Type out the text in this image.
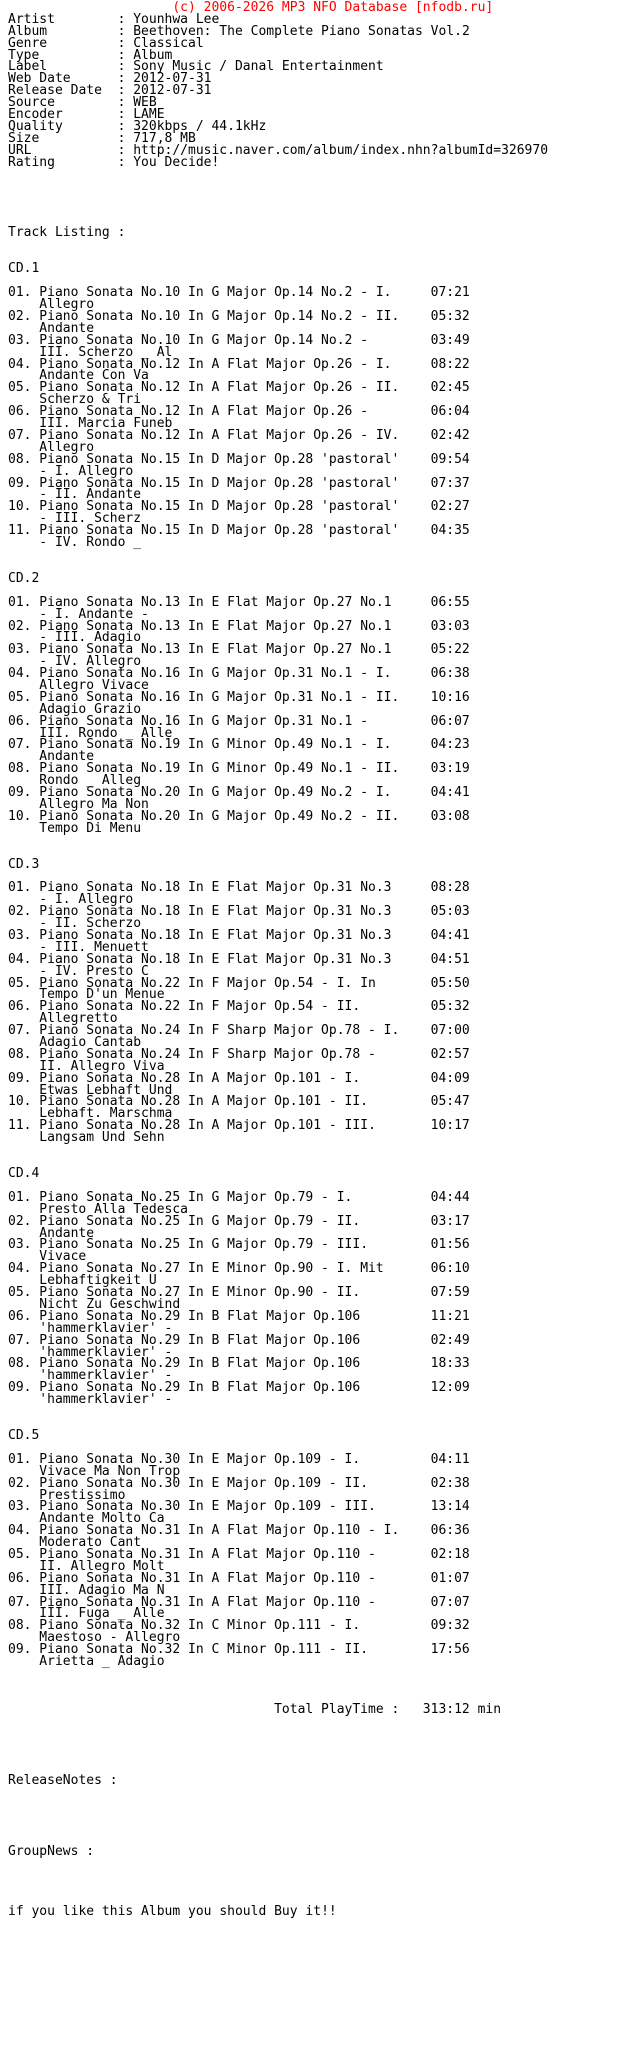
(c) 2006-2026 MP3 NFO Database [nfodb.ru]
Artist	: Younhwa Lee
Album	: Beethoven: The Complete Piano Sonatas Vol.2
Genre	: Classical
Type	: Album
Label	: Sony Music / Danal Entertainment
Web Date	: 2012-07-31
Release Date : 2012-07-31
Source	: WEB
Encoder	: LAME
Quality	: 320kbps / 44.1kHz
Size	: 717,8 MB
URL	: http://music.naver.com/album/index.nhn?albumId=326970
Rating	: You Decide!
Track Listing :
CD.1
01. Piano Sonata No.10 In G Major Op.14 No.2 - I.	07:21
Allegro
02. Piano Sonata No.10 In G Major Op.14 No.2 - II. 05:32
Andante
03. Piano Sonata No.10 In G Major Op.14 No.2 -	03:49
III. Scherzo _ Al
04. Piano Sonata No.12 In A Flat Major Op.26 - I.	08:22
Andante Con Va
05. Piano Sonata No.12 In A Flat Major Op.26 - II. 02:45
Scherzo & Tri
06. Piano Sonata No.12 In A Flat Major Op.26 -	06:04
III. Marcia Funeb
07. Piano Sonata No.12 In A Flat Major Op.26 - IV. 02:42
Allegro
08. Piano Sonata No.15 In D Major Op.28 'pastoral' 09:54
- I. Allegro
09. Piano Sonata No.15 In D Major Op.28 'pastoral' 07:37
- II. Andante
10. Piano Sonata No.15 In D Major Op.28 'pastoral' 02:27
- III. Scherz
11. Piano Sonata No.15 In D Major Op.28 'pastoral' 04:35
- IV. Rondo _
CD.2
01. Piano Sonata No.13 In E Flat Major Op.27 No.1	06:55
- I. Andante -
02. Piano Sonata No.13 In E Flat Major Op.27 No.1	03:03
- III. Adagio
03. Piano Sonata No.13 In E Flat Major Op.27 No.1	05:22
- IV. Allegro
04. Piano Sonata No.16 In G Major Op.31 No.1 - I.	06:38
Allegro Vivace
05. Piano Sonata No.16 In G Major Op.31 No.1 - II. 10:16
Adagio Grazio
06. Piano Sonata No.16 In G Major Op.31 No.1 -	06:07
III. Rondo _ Alle
07. Piano Sonata No.19 In G Minor Op.49 No.1 - I.	04:23
Andante
08. Piano Sonata No.19 In G Minor Op.49 No.1 - II. 03:19
Rondo _ Alleg
09. Piano Sonata No.20 In G Major Op.49 No.2 - I.	04:41
Allegro Ma Non
10. Piano Sonata No.20 In G Major Op.49 No.2 - II. 03:08
Tempo Di Menu
CD.3
01. Piano Sonata No.18 In E Flat Major Op.31 No.3	08:28
- I. Allegro
02. Piano Sonata No.18 In E Flat Major Op.31 No.3	05:03
- II. Scherzo
03. Piano Sonata No.18 In E Flat Major Op.31 No.3	04:41
- III. Menuett
04. Piano Sonata No.18 In E Flat Major Op.31 No.3	04:51
- IV. Presto C
05. Piano Sonata No.22 In F Major Op.54 - I. In	05:50
Tempo D'un Menue
06. Piano Sonata No.22 In F Major Op.54 - II.	05:32
Allegretto
07. Piano Sonata No.24 In F Sharp Major Op.78 - I. 07:00
Adagio Cantab
08. Piano Sonata No.24 In F Sharp Major Op.78 -	02:57
II. Allegro Viva
09. Piano Sonata No.28 In A Major Op.101 - I.	04:09
Etwas Lebhaft Und
10. Piano Sonata No.28 In A Major Op.101 - II.	05:47
Lebhaft. Marschma
11. Piano Sonata No.28 In A Major Op.101 - III.	10:17
Langsam Und Sehn
CD.4
01. Piano Sonata No.25 In G Major Op.79 - I.	04:44
Presto Alla Tedesca
02. Piano Sonata No.25 In G Major Op.79 - II.	03:17
Andante
03. Piano Sonata No.25 In G Major Op.79 - III.	01:56
Vivace
04. Piano Sonata No.27 In E Minor Op.90 - I. Mit	06:10
Lebhaftigkeit U
05. Piano Sonata No.27 In E Minor Op.90 - II.	07:59
Nicht Zu Geschwind
06. Piano Sonata No.29 In B Flat Major Op.106	11:21
'hammerklavier' -
07. Piano Sonata No.29 In B Flat Major Op.106	02:49
'hammerklavier' -
08. Piano Sonata No.29 In B Flat Major Op.106	18:33
'hammerklavier' -
09. Piano Sonata No.29 In B Flat Major Op.106	12:09
'hammerklavier' -
CD.5
01. Piano Sonata No.30 In E Major Op.109 - I.	04:11
Vivace Ma Non Trop
02. Piano Sonata No.30 In E Major Op.109 - II.	02:38
Prestissimo
03. Piano Sonata No.30 In E Major Op.109 - III.	13:14
Andante Molto Ca
04. Piano Sonata No.31 In A Flat Major Op.110 - I. 06:36
Moderato Cant
05. Piano Sonata No.31 In A Flat Major Op.110 -	02:18
II. Allegro Molt
06. Piano Sonata No.31 In A Flat Major Op.110 -	01:07
III. Adagio Ma N
07. Piano Sonata No.31 In A Flat Major Op.110 -	07:07
III. Fuga _ Alle
08. Piano Sonata No.32 In C Minor Op.111 - I.	09:32
Maestoso - Allegro
09. Piano Sonata No.32 In C Minor Op.111 - II.	17:56
Arietta _ Adagio
Total PlayTime : 313:12 min
ReleaseNotes :
GroupNews :
if you like this Album you should Buy it!!
